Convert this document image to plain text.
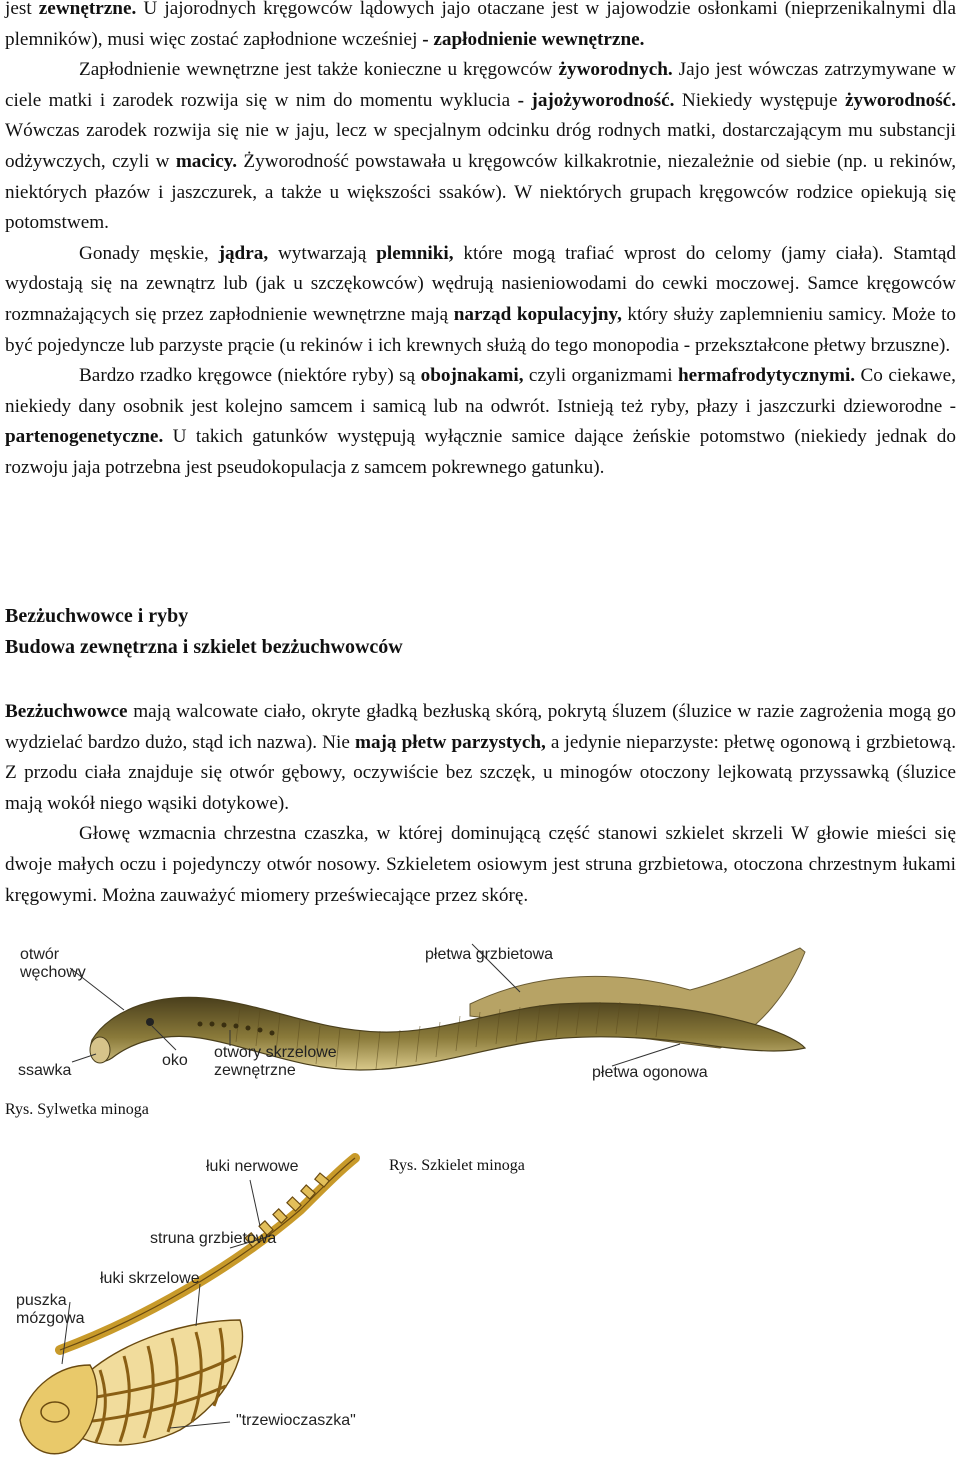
jest zewnętrzne. U jajorodnych kręgowców lądowych jajo otaczane jest w jajowodzie osłonkami (nieprzenikalnymi dla plemników), musi więc zostać zapłodnione wcześniej - zapłodnienie wewnętrzne.

Zapłodnienie wewnętrzne jest także konieczne u kręgowców żyworodnych. Jajo jest wówczas zatrzymywane w ciele matki i zarodek rozwija się w nim do momentu wyklucia - jajożyworodność. Niekiedy występuje żyworodność. Wówczas zarodek rozwija się nie w jaju, lecz w specjalnym odcinku dróg rodnych matki, dostarczającym mu substancji odżywczych, czyli w macicy. Żyworodność powstawała u kręgowców kilkakrotnie, niezależnie od siebie (np. u rekinów, niektórych płazów i jaszczurek, a także u większości ssaków). W niektórych grupach kręgowców rodzice opiekują się potomstwem.

Gonady męskie, jądra, wytwarzają plemniki, które mogą trafiać wprost do celomy (jamy ciała). Stamtąd wydostają się na zewnątrz lub (jak u szczękowców) wędrują nasieniowodami do cewki moczowej. Samce kręgowców rozmnażających się przez zapłodnienie wewnętrzne mają narząd kopulacyjny, który służy zaplemnieniu samicy. Może to być pojedyncze lub parzyste prącie (u rekinów i ich krewnych służą do tego monopodia - przekształcone płetwy brzuszne).

Bardzo rzadko kręgowce (niektóre ryby) są obojnakami, czyli organizmami hermafrodytycznymi. Co ciekawe, niekiedy dany osobnik jest kolejno samcem i samicą lub na odwrót. Istnieją też ryby, płazy i jaszczurki dzieworodne - partenogenetyczne. U takich gatunków występują wyłącznie samice dające żeńskie potomstwo (niekiedy jednak do rozwoju jaja potrzebna jest pseudokopulacja z samcem pokrewnego gatunku).

Bezżuchwowce i ryby
Budowa zewnętrzna i szkielet bezżuchwowców

Bezżuchwowce mają walcowate ciało, okryte gładką bezłuską skórą, pokrytą śluzem (śluzice w razie zagrożenia mogą go wydzielać bardzo dużo, stąd ich nazwa). Nie mają płetw parzystych, a jedynie nieparzyste: płetwę ogonową i grzbietową. Z przodu ciała znajduje się otwór gębowy, oczywiście bez szczęk, u minogów otoczony lejkowatą przyssawką (śluzice mają wokół niego wąsiki dotykowe).

Głowę wzmacnia chrzestna czaszka, w której dominującą część stanowi szkielet skrzeli W głowie mieści się dwoje małych oczu i pojedynczy otwór nosowy. Szkieletem osiowym jest struna grzbietowa, otoczona chrzestnym łukami kręgowymi. Można zauważyć miomery przeświecające przez skórę.

otwór
węchowy
płetwa grzbietowa
ssawka
oko otwory skrzelowe
zewnętrzne	płetwa ogonowa
Rys. Sylwetka minoga
łuki nerwowe
struna grzbietowa
łuki skrzelowe
puszka
mózgowa
"trzewioczaszka"
Rys. Szkielet minoga
